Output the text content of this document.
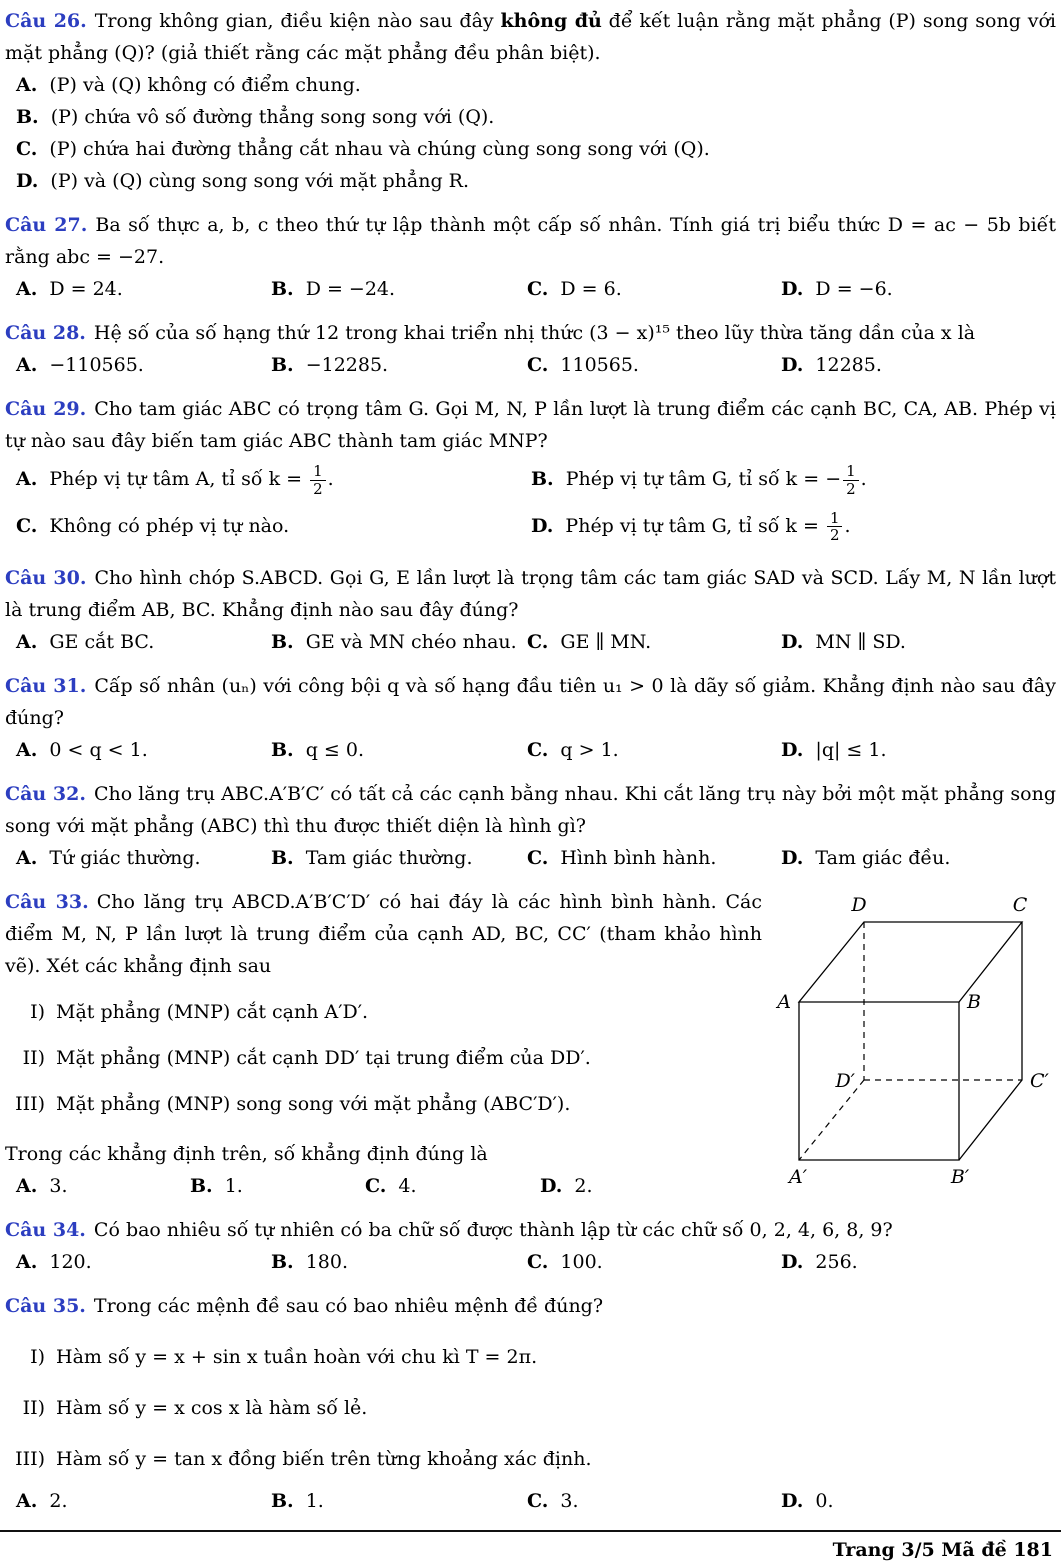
Câu 26. Trong không gian, điều kiện nào sau đây không đủ để kết luận rằng mặt phẳng (P) song song với mặt phẳng (Q)? (giả thiết rằng các mặt phẳng đều phân biệt).

A. (P) và (Q) không có điểm chung.
B. (P) chứa vô số đường thẳng song song với (Q).
C. (P) chứa hai đường thẳng cắt nhau và chúng cùng song song với (Q).
D. (P) và (Q) cùng song song với mặt phẳng R.

Câu 27. Ba số thực a, b, c theo thứ tự lập thành một cấp số nhân. Tính giá trị biểu thức D = ac − 5b biết rằng abc = −27.

A. D = 24.	B. D = −24.	C. D = 6.	D. D = −6.

Câu 28. Hệ số của số hạng thứ 12 trong khai triển nhị thức (3 − x)¹⁵ theo lũy thừa tăng dần của x là

A. −110565.	B. −12285.	C. 110565.	D. 12285.

Câu 29. Cho tam giác ABC có trọng tâm G. Gọi M, N, P lần lượt là trung điểm các cạnh BC, CA, AB. Phép vị tự nào sau đây biến tam giác ABC thành tam giác MNP?

A. Phép vị tự tâm A, tỉ số $k = \frac{1}{2}$ .	B. Phép vị tự tâm G, tỉ số k = − $\frac{1}{2}$ .
C. Không có phép vị tự nào.	D. Phép vị tự tâm G, tỉ số $k = \frac{1}{2}$ .

Câu 30. Cho hình chóp S.ABCD. Gọi G, E lần lượt là trọng tâm các tam giác SAD và SCD. Lấy M, N lần lượt là trung điểm AB, BC. Khẳng định nào sau đây đúng?

A. GE cắt BC.	B. GE và MN chéo nhau. C. GE ∥ MN.	D. MN ∥ SD.

Câu 31. Cấp số nhân (uₙ) với công bội q và số hạng đầu tiên u₁ > 0 là dãy số giảm. Khẳng định nào sau đây đúng?

A. 0 < q < 1.	B. q ≤ 0.	C. q > 1.	D. |q| ≤ 1.

Câu 32. Cho lăng trụ ABC.A′B′C′ có tất cả các cạnh bằng nhau. Khi cắt lăng trụ này bởi một mặt phẳng song song với mặt phẳng (ABC) thì thu được thiết diện là hình gì?

A. Tứ giác thường.	B. Tam giác thường.	C. Hình bình hành.	D. Tam giác đều.
D	C
A	B
D′	C′
A′	B′

Câu 33. Cho lăng trụ ABCD.A′B′C′D′ có hai đáy là các hình bình hành. Các điểm M, N, P lần lượt là trung điểm của cạnh AD, BC, CC′ (tham khảo hình vẽ). Xét các khẳng định sau

I) Mặt phẳng (MNP) cắt cạnh A′D′.

II) Mặt phẳng (MNP) cắt cạnh DD′ tại trung điểm của DD′.

III) Mặt phẳng (MNP) song song với mặt phẳng (ABC′D′).

Trong các khẳng định trên, số khẳng định đúng là

A. 3.	B. 1.	C. 4.	D. 2.

Câu 34. Có bao nhiêu số tự nhiên có ba chữ số được thành lập từ các chữ số 0, 2, 4, 6, 8, 9?

A. 120.	B. 180.	C. 100.	D. 256.

Câu 35. Trong các mệnh đề sau có bao nhiêu mệnh đề đúng?

I) Hàm số y = x + sin x tuần hoàn với chu kì T = 2π.

II) Hàm số y = x cos x là hàm số lẻ.

III) Hàm số y = tan x đồng biến trên từng khoảng xác định.

A. 2.	B. 1.	C. 3.	D. 0.
Trang 3/5 Mã đề 181
